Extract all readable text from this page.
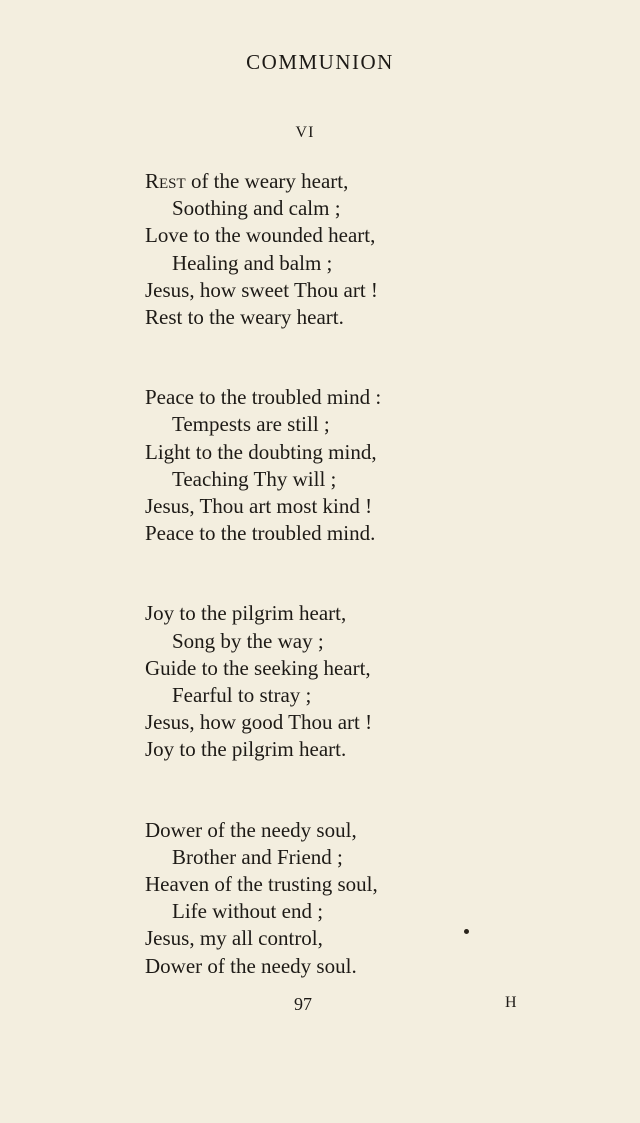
COMMUNION
VI
Rest of the weary heart,
Soothing and calm ;
Love to the wounded heart,
Healing and balm ;
Jesus, how sweet Thou art !
Rest to the weary heart.
Peace to the troubled mind :
Tempests are still ;
Light to the doubting mind,
Teaching Thy will ;
Jesus, Thou art most kind !
Peace to the troubled mind.
Joy to the pilgrim heart,
Song by the way ;
Guide to the seeking heart,
Fearful to stray ;
Jesus, how good Thou art !
Joy to the pilgrim heart.
Dower of the needy soul,
Brother and Friend ;
Heaven of the trusting soul,
Life without end ;
Jesus, my all control,
Dower of the needy soul.
97	H
